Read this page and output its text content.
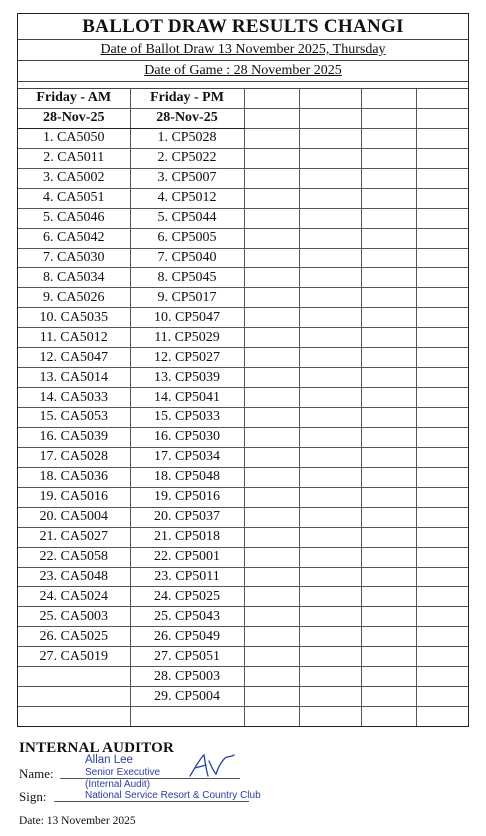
BALLOT DRAW RESULTS CHANGI
Date of Ballot Draw 13 November 2025, Thursday
Date of Game : 28 November 2025
Friday - AM	Friday - PM				
28-Nov-25	28-Nov-25				
1. CA5050	1. CP5028				
2. CA5011	2. CP5022				
3. CA5002	3. CP5007				
4. CA5051	4. CP5012				
5. CA5046	5. CP5044				
6. CA5042	6. CP5005				
7. CA5030	7. CP5040				
8. CA5034	8. CP5045				
9. CA5026	9. CP5017				
10. CA5035	10. CP5047				
11. CA5012	11. CP5029				
12. CA5047	12. CP5027				
13. CA5014	13. CP5039				
14. CA5033	14. CP5041				
15. CA5053	15. CP5033				
16. CA5039	16. CP5030				
17. CA5028	17. CP5034				
18. CA5036	18. CP5048				
19. CA5016	19. CP5016				
20. CA5004	20. CP5037				
21. CA5027	21. CP5018				
22. CA5058	22. CP5001				
23. CA5048	23. CP5011				
24. CA5024	24. CP5025				
25. CA5003	25. CP5043				
26. CA5025	26. CP5049				
27. CA5019	27. CP5051				
	28. CP5003				
	29. CP5004				

INTERNAL AUDITOR
Name:
Allan Lee
Senior Executive
(Internal Audit)
Sign:	National Service Resort & Country Club
Date: 13 November 2025
